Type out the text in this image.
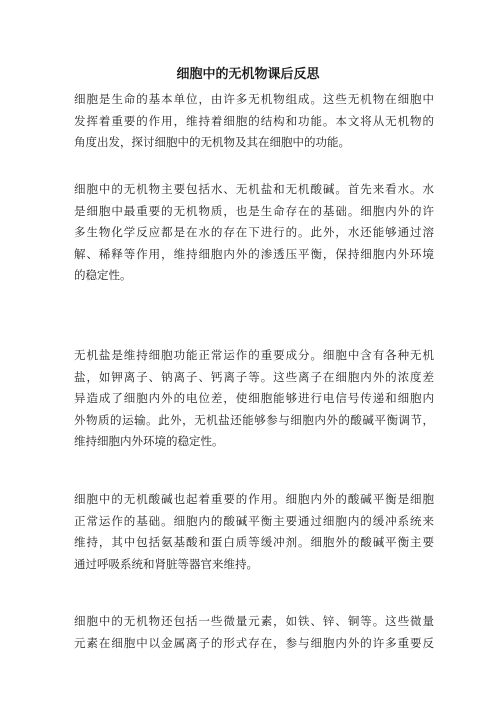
细胞中的无机物课后反思
细胞是生命的基本单位，由许多无机物组成。这些无机物在细胞中
发挥着重要的作用，维持着细胞的结构和功能。本文将从无机物的
角度出发，探讨细胞中的无机物及其在细胞中的功能。
细胞中的无机物主要包括水、无机盐和无机酸碱。首先来看水。水
是细胞中最重要的无机物质，也是生命存在的基础。细胞内外的许
多生物化学反应都是在水的存在下进行的。此外，水还能够通过溶
解、稀释等作用，维持细胞内外的渗透压平衡，保持细胞内外环境
的稳定性。
无机盐是维持细胞功能正常运作的重要成分。细胞中含有各种无机
盐，如钾离子、钠离子、钙离子等。这些离子在细胞内外的浓度差
异造成了细胞内外的电位差，使细胞能够进行电信号传递和细胞内
外物质的运输。此外，无机盐还能够参与细胞内外的酸碱平衡调节，
维持细胞内外环境的稳定性。
细胞中的无机酸碱也起着重要的作用。细胞内外的酸碱平衡是细胞
正常运作的基础。细胞内的酸碱平衡主要通过细胞内的缓冲系统来
维持，其中包括氨基酸和蛋白质等缓冲剂。细胞外的酸碱平衡主要
通过呼吸系统和肾脏等器官来维持。
细胞中的无机物还包括一些微量元素，如铁、锌、铜等。这些微量
元素在细胞中以金属离子的形式存在，参与细胞内外的许多重要反
